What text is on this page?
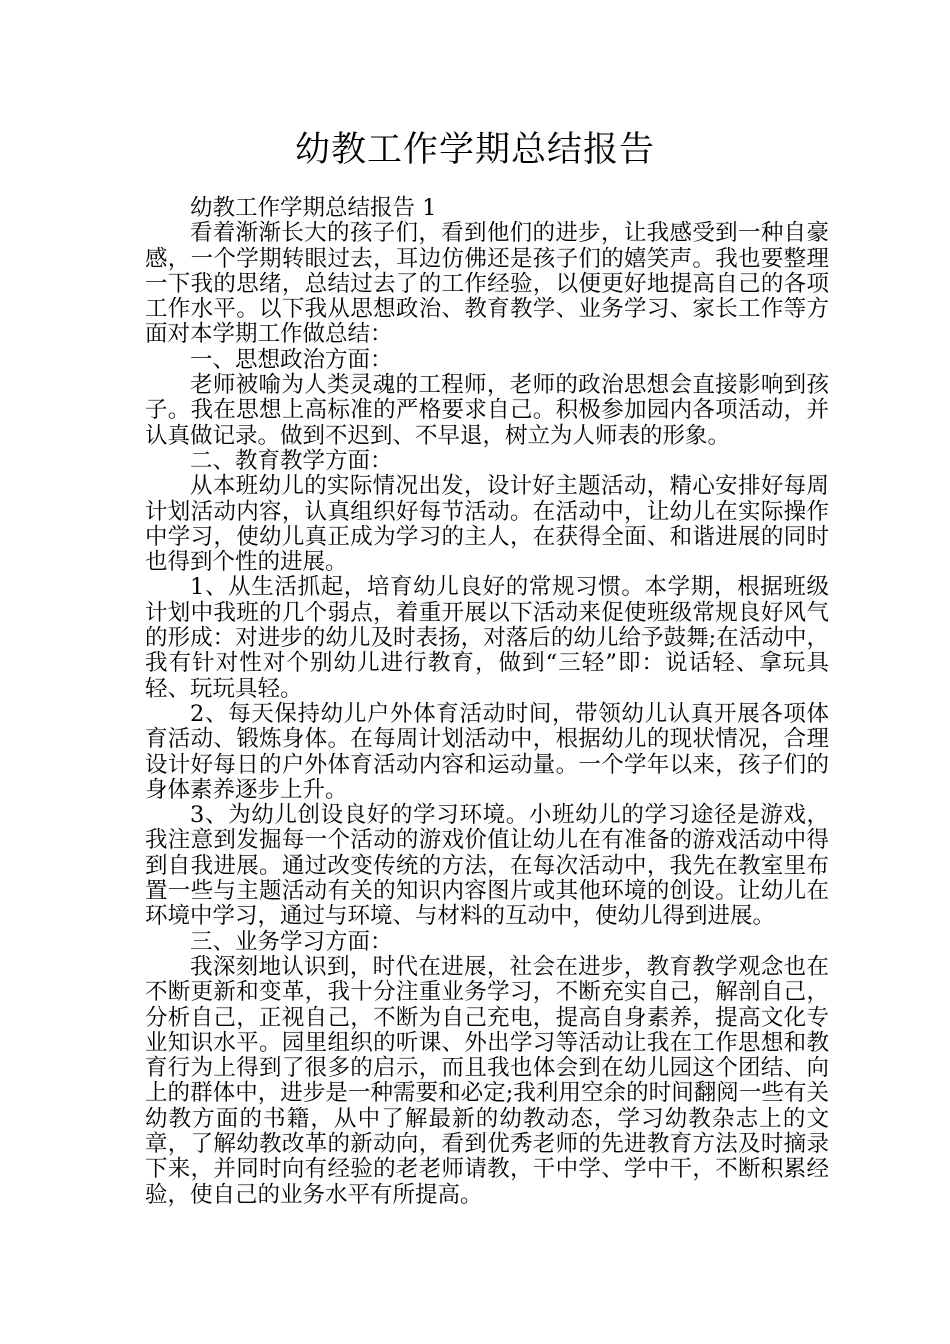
幼教工作学期总结报告

幼教工作学期总结报告 1

看着渐渐长大的孩子们，看到他们的进步，让我感受到一种自豪感，一个学期转眼过去，耳边仿佛还是孩子们的嬉笑声。我也要整理一下我的思绪，总结过去了的工作经验，以便更好地提高自己的各项工作水平。以下我从思想政治、教育教学、业务学习、家长工作等方面对本学期工作做总结：

一、思想政治方面：

老师被喻为人类灵魂的工程师，老师的政治思想会直接影响到孩子。我在思想上高标准的严格要求自己。积极参加园内各项活动，并认真做记录。做到不迟到、不早退，树立为人师表的形象。

二、教育教学方面：

从本班幼儿的实际情况出发，设计好主题活动，精心安排好每周计划活动内容，认真组织好每节活动。在活动中，让幼儿在实际操作中学习，使幼儿真正成为学习的主人，在获得全面、和谐进展的同时也得到个性的进展。

1、从生活抓起，培育幼儿良好的常规习惯。本学期，根据班级计划中我班的几个弱点，着重开展以下活动来促使班级常规良好风气的形成：对进步的幼儿及时表扬，对落后的幼儿给予鼓舞;在活动中，我有针对性对个别幼儿进行教育，做到“三轻”即：说话轻、拿玩具轻、玩玩具轻。

2、每天保持幼儿户外体育活动时间，带领幼儿认真开展各项体育活动、锻炼身体。在每周计划活动中，根据幼儿的现状情况，合理设计好每日的户外体育活动内容和运动量。一个学年以来，孩子们的身体素养逐步上升。

3、为幼儿创设良好的学习环境。小班幼儿的学习途径是游戏，我注意到发掘每一个活动的游戏价值让幼儿在有准备的游戏活动中得到自我进展。通过改变传统的方法，在每次活动中，我先在教室里布置一些与主题活动有关的知识内容图片或其他环境的创设。让幼儿在环境中学习，通过与环境、与材料的互动中，使幼儿得到进展。

三、业务学习方面：

我深刻地认识到，时代在进展，社会在进步，教育教学观念也在不断更新和变革，我十分注重业务学习，不断充实自己，解剖自己，分析自己，正视自己，不断为自己充电，提高自身素养，提高文化专业知识水平。园里组织的听课、外出学习等活动让我在工作思想和教育行为上得到了很多的启示，而且我也体会到在幼儿园这个团结、向上的群体中，进步是一种需要和必定;我利用空余的时间翻阅一些有关幼教方面的书籍，从中了解最新的幼教动态，学习幼教杂志上的文章，了解幼教改革的新动向，看到优秀老师的先进教育方法及时摘录下来，并同时向有经验的老老师请教，干中学、学中干，不断积累经验，使自己的业务水平有所提高。
